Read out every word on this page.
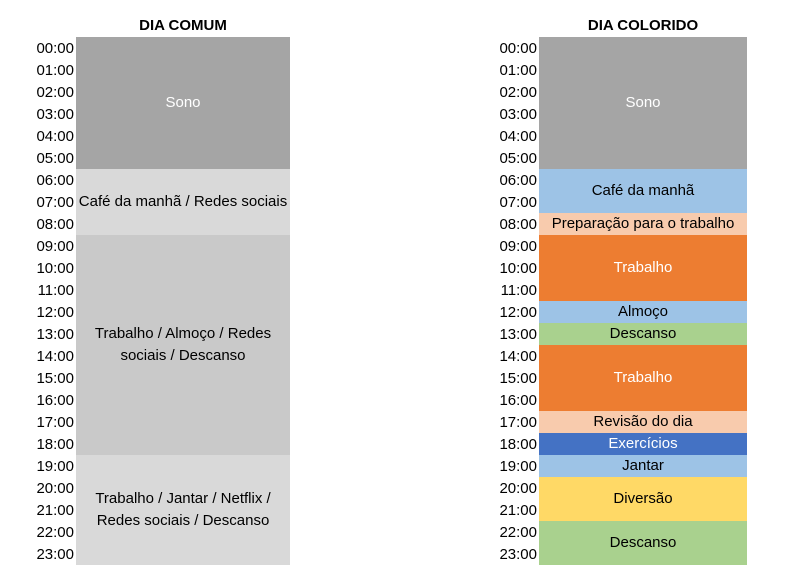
DIA COMUM
00:00
01:00
02:00
03:00
04:00
05:00
06:00
07:00
08:00
09:00
10:00
11:00
12:00
13:00
14:00
15:00
16:00
17:00
18:00
19:00
20:00
21:00
22:00
23:00
Sono
Café da manhã / Redes sociais
Trabalho / Almoço / Redes sociais / Descanso
Trabalho / Jantar / Netflix / Redes sociais / Descanso
DIA COLORIDO
00:00
01:00
02:00
03:00
04:00
05:00
06:00
07:00
08:00
09:00
10:00
11:00
12:00
13:00
14:00
15:00
16:00
17:00
18:00
19:00
20:00
21:00
22:00
23:00
Sono
Café da manhã
Preparação para o trabalho
Trabalho
Almoço
Descanso
Trabalho
Revisão do dia
Exercícios
Jantar
Diversão
Descanso
